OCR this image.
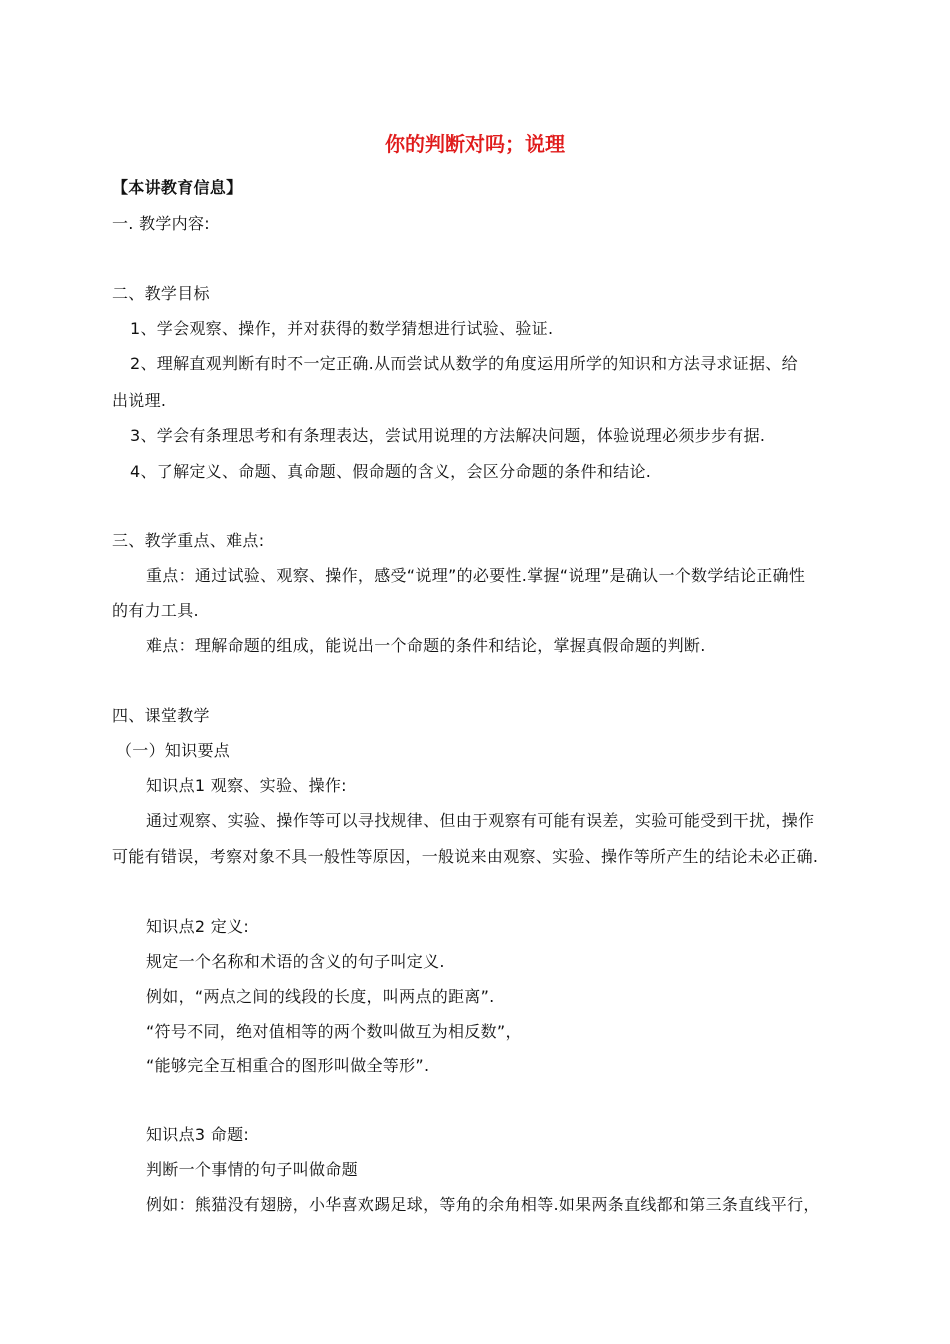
你的判断对吗；说理
【本讲教育信息】
一. 教学内容:
二、教学目标
1、学会观察、操作，并对获得的数学猜想进行试验、验证.
2、理解直观判断有时不一定正确.从而尝试从数学的角度运用所学的知识和方法寻求证据、给
出说理.
3、学会有条理思考和有条理表达，尝试用说理的方法解决问题，体验说理必须步步有据.
4、了解定义、命题、真命题、假命题的含义，会区分命题的条件和结论.
三、教学重点、难点:
重点：通过试验、观察、操作，感受“说理”的必要性.掌握“说理”是确认一个数学结论正确性
的有力工具.
难点：理解命题的组成，能说出一个命题的条件和结论，掌握真假命题的判断.
四、课堂教学
（一）知识要点
知识点1 观察、实验、操作:
通过观察、实验、操作等可以寻找规律、但由于观察有可能有误差，实验可能受到干扰，操作
可能有错误，考察对象不具一般性等原因，一般说来由观察、实验、操作等所产生的结论未必正确.
知识点2 定义:
规定一个名称和术语的含义的句子叫定义.
例如，“两点之间的线段的长度，叫两点的距离”.
“符号不同，绝对值相等的两个数叫做互为相反数”，
“能够完全互相重合的图形叫做全等形”.
知识点3 命题:
判断一个事情的句子叫做命题
例如：熊猫没有翅膀，小华喜欢踢足球，等角的余角相等.如果两条直线都和第三条直线平行，
